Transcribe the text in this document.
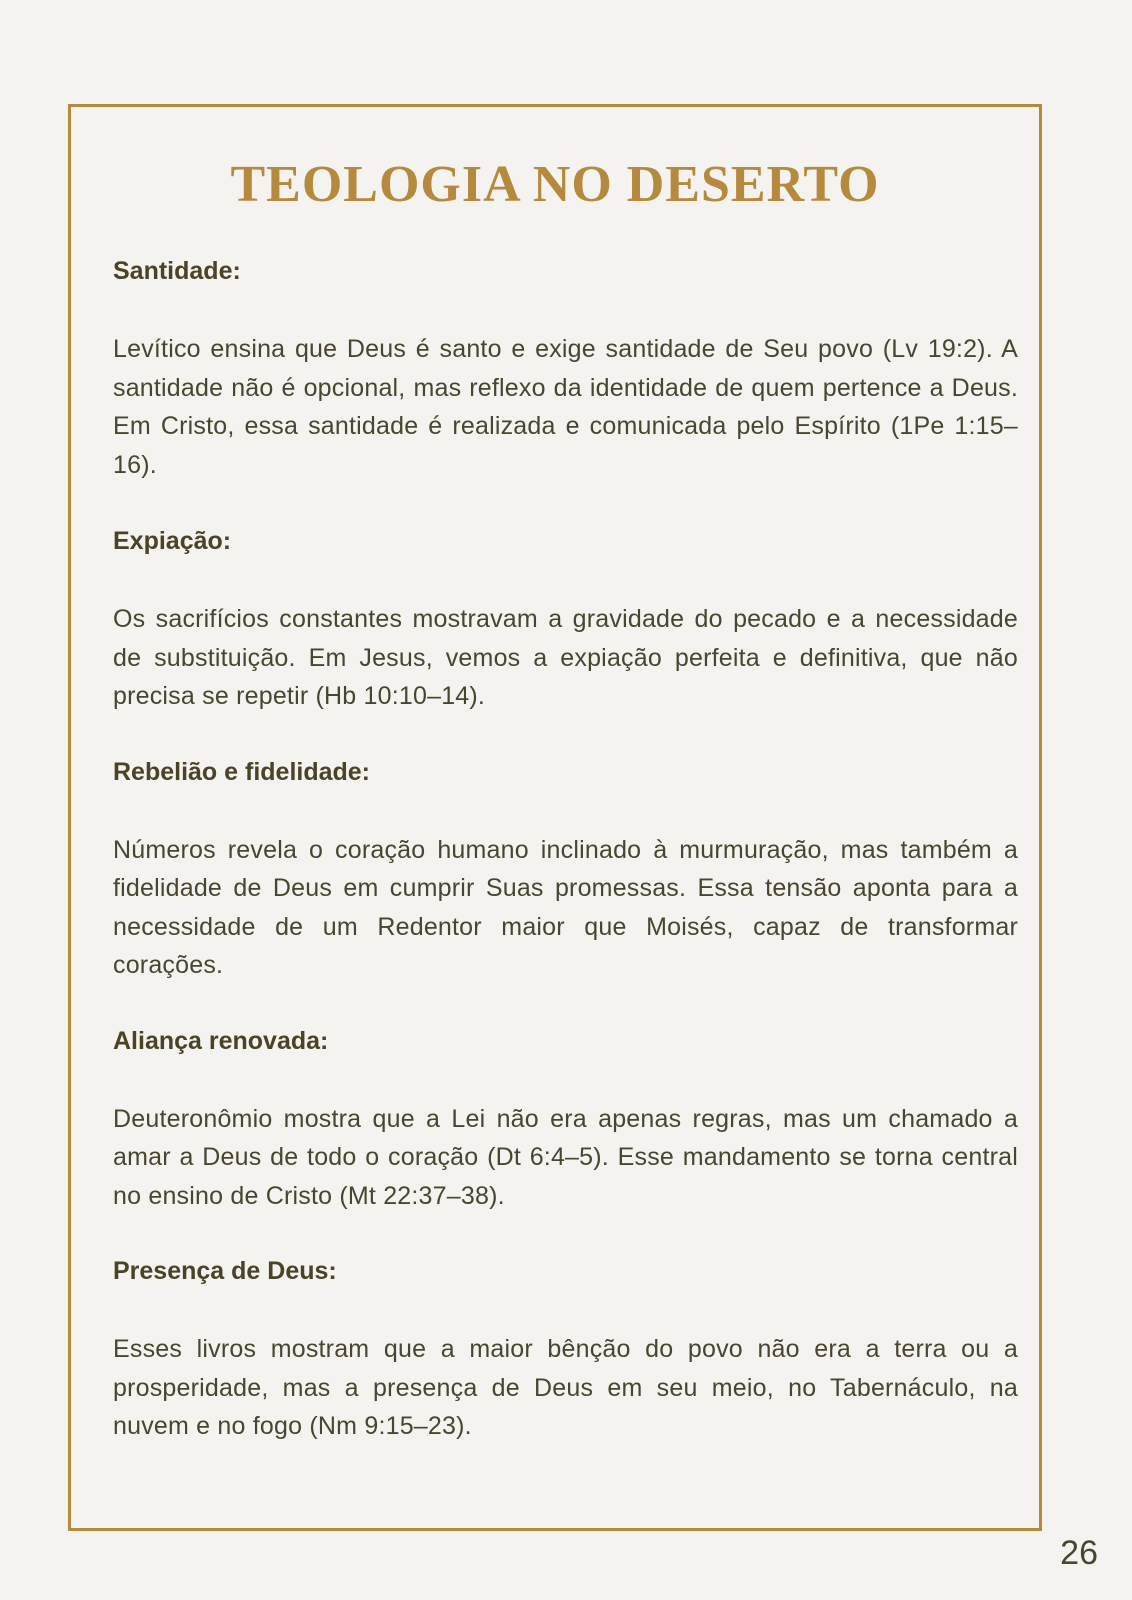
TEOLOGIA NO DESERTO

Santidade:

Levítico ensina que Deus é santo e exige santidade de Seu povo (Lv 19:2). A santidade não é opcional, mas reflexo da identidade de quem pertence a Deus. Em Cristo, essa santidade é realizada e comunicada pelo Espírito (1Pe 1:15–16).

Expiação:

Os sacrifícios constantes mostravam a gravidade do pecado e a necessidade de substituição. Em Jesus, vemos a expiação perfeita e definitiva, que não precisa se repetir (Hb 10:10–14).

Rebelião e fidelidade:

Números revela o coração humano inclinado à murmuração, mas também a fidelidade de Deus em cumprir Suas promessas. Essa tensão aponta para a necessidade de um Redentor maior que Moisés, capaz de transformar corações.

Aliança renovada:

Deuteronômio mostra que a Lei não era apenas regras, mas um chamado a amar a Deus de todo o coração (Dt 6:4–5). Esse mandamento se torna central no ensino de Cristo (Mt 22:37–38).

Presença de Deus:

Esses livros mostram que a maior bênção do povo não era a terra ou a prosperidade, mas a presença de Deus em seu meio, no Tabernáculo, na nuvem e no fogo (Nm 9:15–23).

26
